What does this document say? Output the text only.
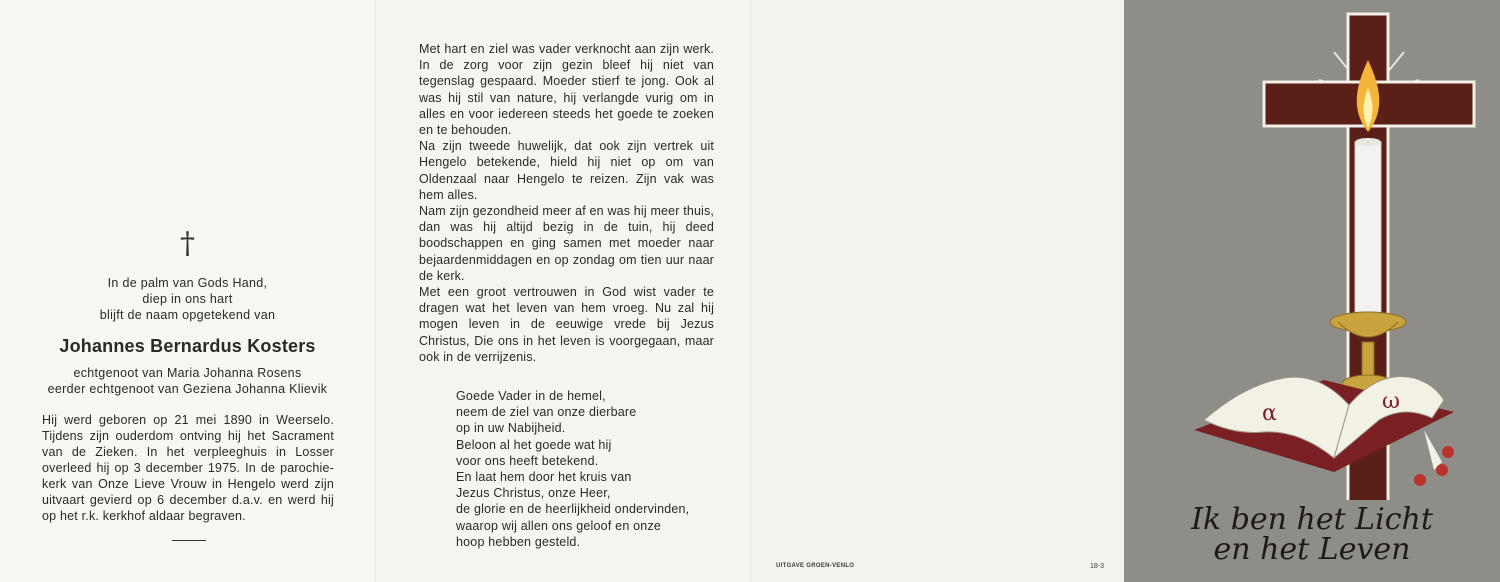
†
In de palm van Gods Hand,
diep in ons hart
blijft de naam opgetekend van
Johannes Bernardus Kosters
echtgenoot van Maria Johanna Rosens
eerder echtgenoot van Geziena Johanna Klievik

Hij werd geboren op 21 mei 1890 in Weerselo. Tijdens zijn ouderdom ontving hij het Sacrament van de Zieken. In het verpleeghuis in Losser overleed hij op 3 december 1975. In de parochie-kerk van Onze Lieve Vrouw in Hengelo werd zijn uitvaart gevierd op 6 december d.a.v. en werd hij op het r.k. kerkhof aldaar begraven.

Met hart en ziel was vader verknocht aan zijn werk. In de zorg voor zijn gezin bleef hij niet van tegenslag gespaard. Moeder stierf te jong. Ook al was hij stil van nature, hij verlangde vurig om in alles en voor iedereen steeds het goede te zoeken en te behouden.

Na zijn tweede huwelijk, dat ook zijn vertrek uit Hengelo betekende, hield hij niet op om van Oldenzaal naar Hengelo te reizen. Zijn vak was hem alles.

Nam zijn gezondheid meer af en was hij meer thuis, dan was hij altijd bezig in de tuin, hij deed boodschappen en ging samen met moeder naar bejaardenmiddagen en op zondag om tien uur naar de kerk.

Met een groot vertrouwen in God wist vader te dragen wat het leven van hem vroeg. Nu zal hij mogen leven in de eeuwige vrede bij Jezus Christus, Die ons in het leven is voorgegaan, maar ook in de verrijzenis.

Goede Vader in de hemel,
neem de ziel van onze dierbare
op in uw Nabijheid.
Beloon al het goede wat hij
voor ons heeft betekend.
En laat hem door het kruis van
Jezus Christus, onze Heer,
de glorie en de heerlijkheid ondervinden,
waarop wij allen ons geloof en onze
hoop hebben gesteld.
UITGAVE GROEN-VENLO	18-3
α	ω
Ik ben het Licht
en het Leven
